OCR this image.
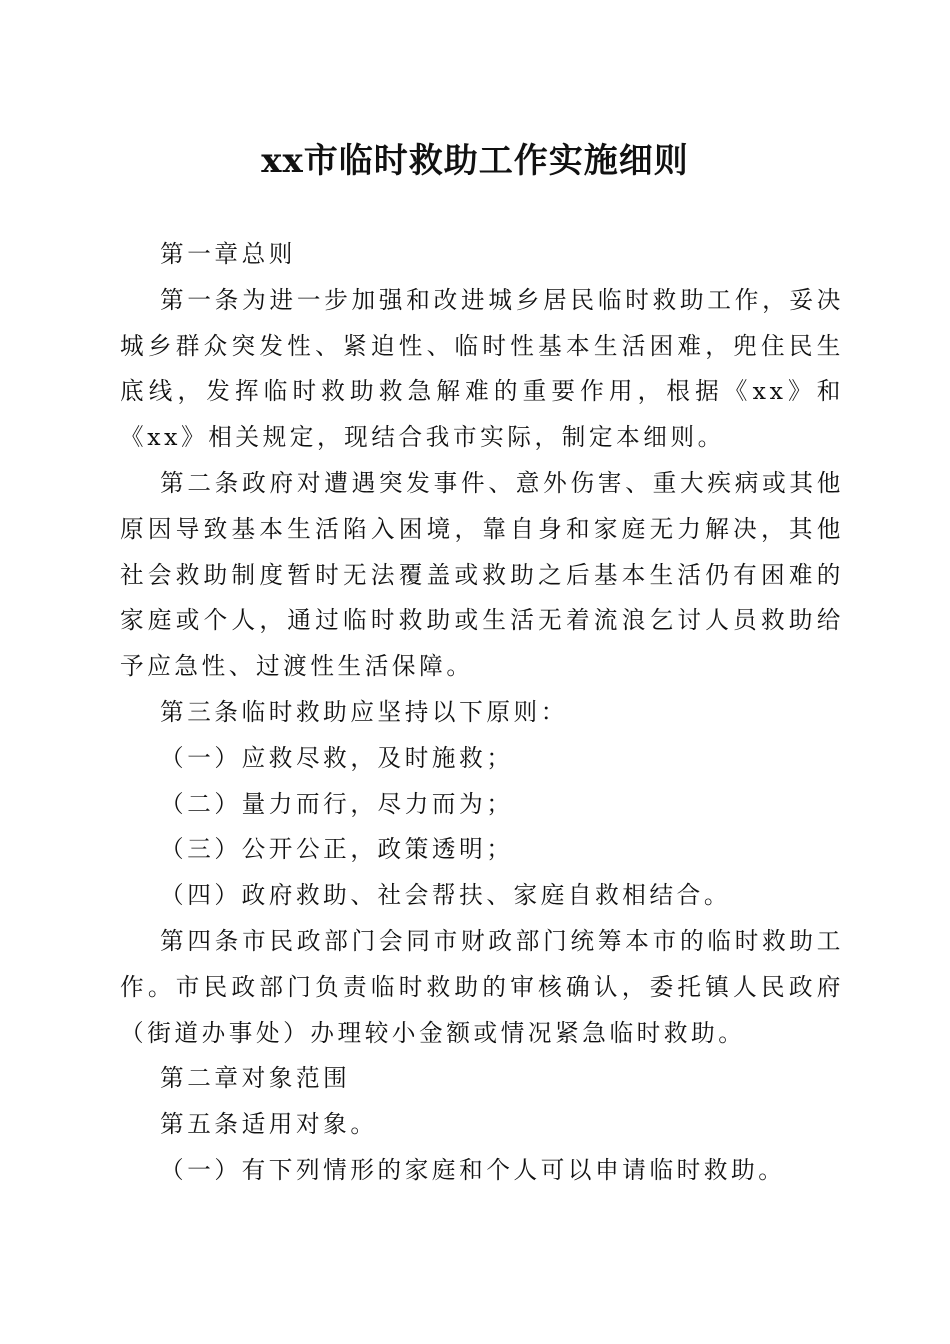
xx市临时救助工作实施细则

第一章总则

第一条为进一步加强和改进城乡居民临时救助工作，妥决城乡群众突发性、紧迫性、临时性基本生活困难，兜住民生底线，发挥临时救助救急解难的重要作用，根据《xx》和《xx》相关规定，现结合我市实际，制定本细则。

第二条政府对遭遇突发事件、意外伤害、重大疾病或其他原因导致基本生活陷入困境，靠自身和家庭无力解决，其他社会救助制度暂时无法覆盖或救助之后基本生活仍有困难的家庭或个人，通过临时救助或生活无着流浪乞讨人员救助给予应急性、过渡性生活保障。

第三条临时救助应坚持以下原则：

（一）应救尽救，及时施救；

（二）量力而行，尽力而为；

（三）公开公正，政策透明；

（四）政府救助、社会帮扶、家庭自救相结合。

第四条市民政部门会同市财政部门统筹本市的临时救助工作。市民政部门负责临时救助的审核确认，委托镇人民政府（街道办事处）办理较小金额或情况紧急临时救助。

第二章对象范围

第五条适用对象。

（一）有下列情形的家庭和个人可以申请临时救助。
